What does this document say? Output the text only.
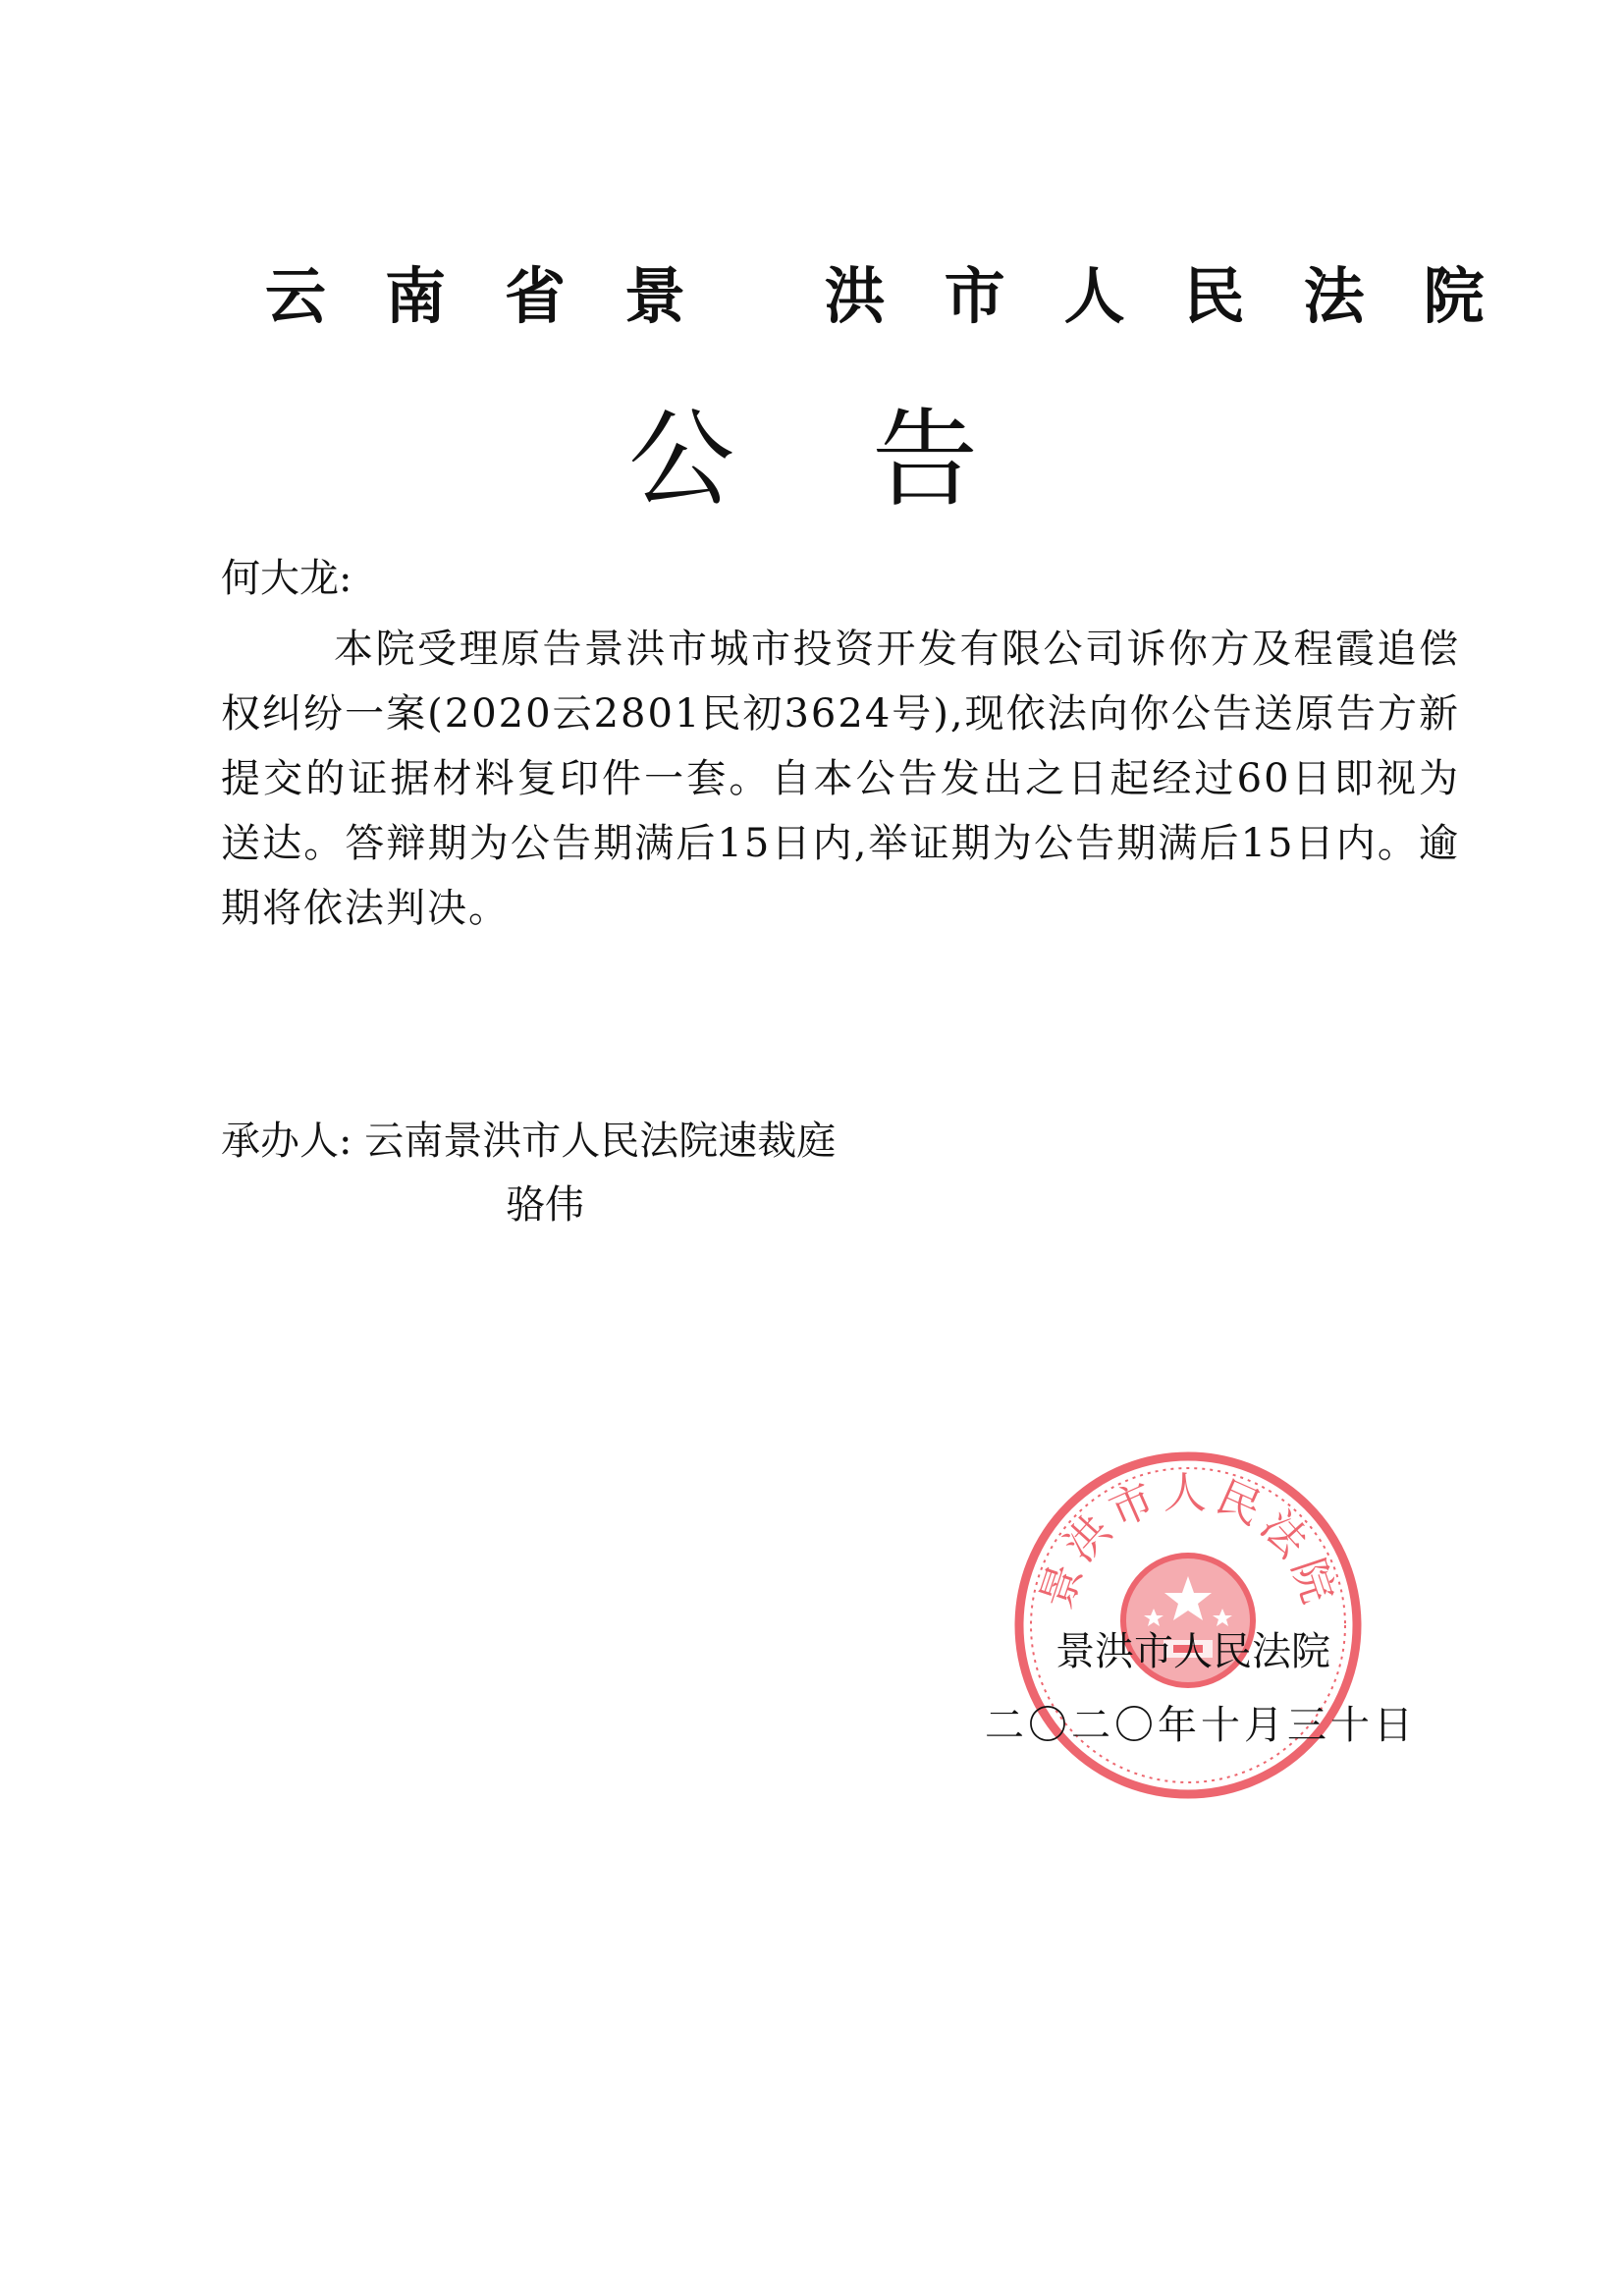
云南省景 洪市人民法院
公告
何大龙:

本院受理原告景洪市城市投资开发有限公司诉你方及程霞追偿权纠纷一案(2020云2801民初3624号),现依法向你公告送原告方新提交的证据材料复印件一套。自本公告发出之日起经过60日即视为送达。答辩期为公告期满后15日内,举证期为公告期满后15日内。逾期将依法判决。

承办人: 云南景洪市人民法院速裁庭
骆伟
景洪市人民法院
景洪市人民法院
二〇二〇年十月三十日
